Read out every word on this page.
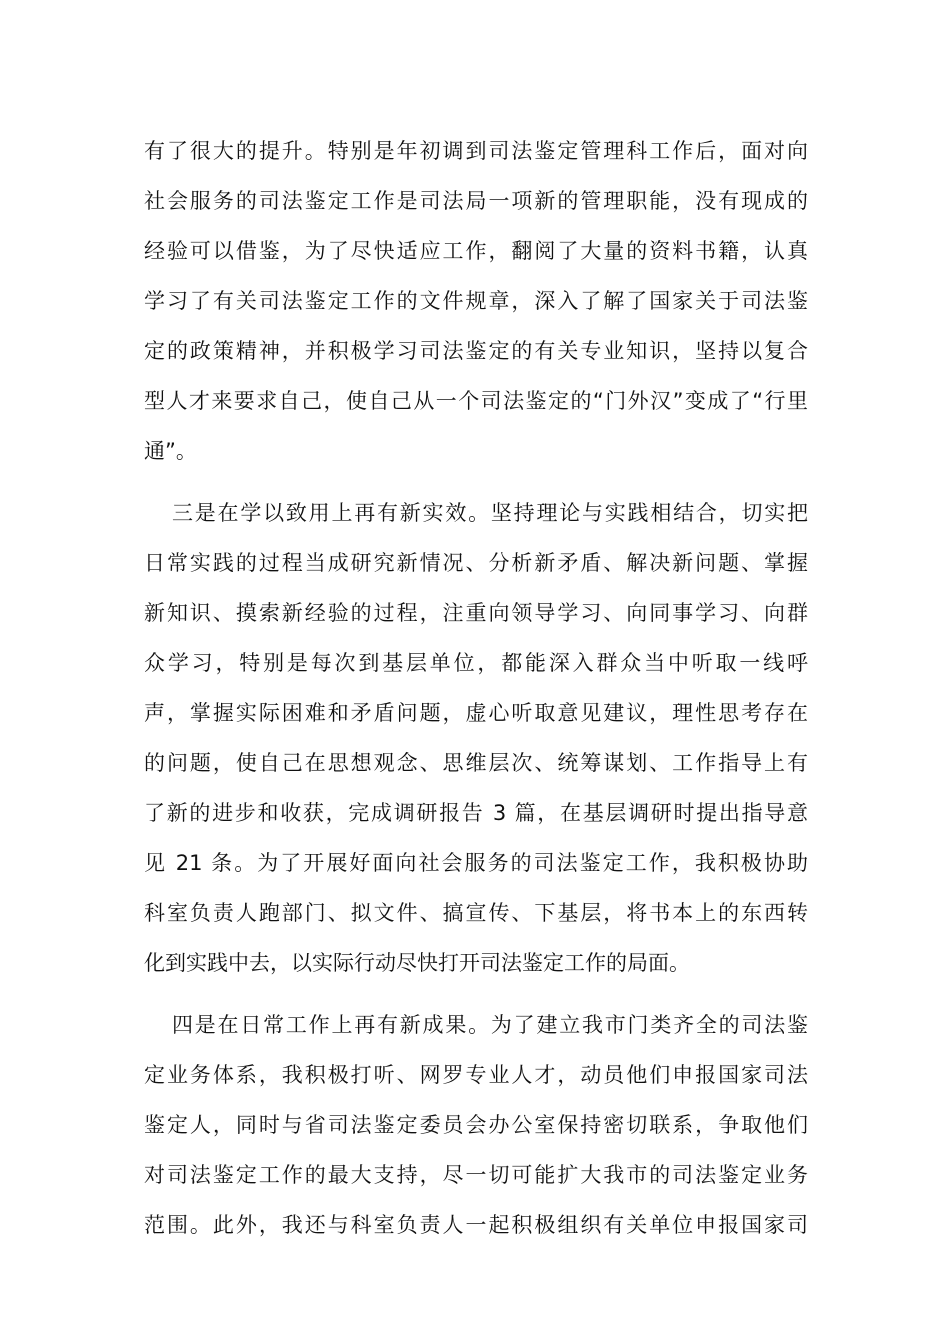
有了很大的提升。特别是年初调到司法鉴定管理科工作后，面对向
社会服务的司法鉴定工作是司法局一项新的管理职能，没有现成的
经验可以借鉴，为了尽快适应工作，翻阅了大量的资料书籍，认真
学习了有关司法鉴定工作的文件规章，深入了解了国家关于司法鉴
定的政策精神，并积极学习司法鉴定的有关专业知识，坚持以复合
型人才来要求自己，使自己从一个司法鉴定的“门外汉”变成了“行里
通”。
三是在学以致用上再有新实效。坚持理论与实践相结合，切实把
日常实践的过程当成研究新情况、分析新矛盾、解决新问题、掌握
新知识、摸索新经验的过程，注重向领导学习、向同事学习、向群
众学习，特别是每次到基层单位，都能深入群众当中听取一线呼
声，掌握实际困难和矛盾问题，虚心听取意见建议，理性思考存在
的问题，使自己在思想观念、思维层次、统筹谋划、工作指导上有
了新的进步和收获，完成调研报告 3 篇，在基层调研时提出指导意
见 21 条。为了开展好面向社会服务的司法鉴定工作，我积极协助
科室负责人跑部门、拟文件、搞宣传、下基层，将书本上的东西转
化到实践中去，以实际行动尽快打开司法鉴定工作的局面。
四是在日常工作上再有新成果。为了建立我市门类齐全的司法鉴
定业务体系，我积极打听、网罗专业人才，动员他们申报国家司法
鉴定人，同时与省司法鉴定委员会办公室保持密切联系，争取他们
对司法鉴定工作的最大支持，尽一切可能扩大我市的司法鉴定业务
范围。此外，我还与科室负责人一起积极组织有关单位申报国家司
